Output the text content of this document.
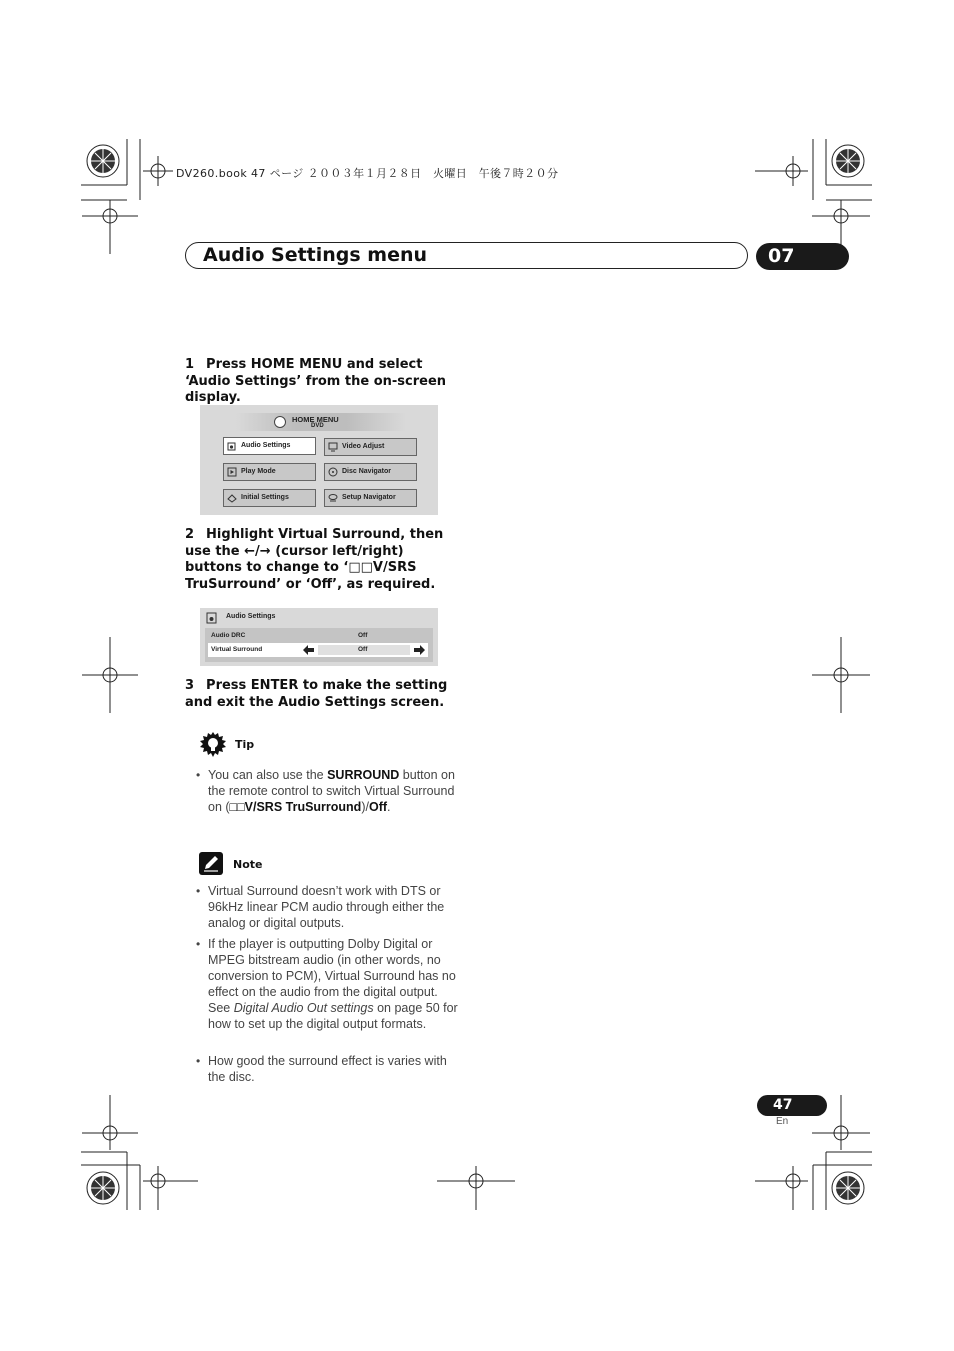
DV260.book 47 ページ ２００３年１月２８日　火曜日　午後７時２０分
Audio Settings menu	07
1 Press HOME MENU and select ‘Audio Settings’ from the on-screen display.
HOME MENU
DVD
Audio Settings	Video Adjust
Play Mode	Disc Navigator
Initial Settings	Setup Navigator
2 Highlight Virtual Surround, then use the ←/→ (cursor left/right) buttons to change to ‘□□V/SRS TruSurround’ or ‘Off’, as required.
Audio Settings
Audio DRC	Off
Virtual Surround	Off
3 Press ENTER to make the setting and exit the Audio Settings screen.
Tip
• You can also use the SURROUND button on the remote control to switch Virtual Surround on (□□V/SRS TruSurround)/Off.
Note
• Virtual Surround doesn’t work with DTS or 96kHz linear PCM audio through either the analog or digital outputs.
• If the player is outputting Dolby Digital or MPEG bitstream audio (in other words, no conversion to PCM), Virtual Surround has no effect on the audio from the digital output. See Digital Audio Out settings on page 50 for how to set up the digital output formats.
• How good the surround effect is varies with the disc.
47
En
